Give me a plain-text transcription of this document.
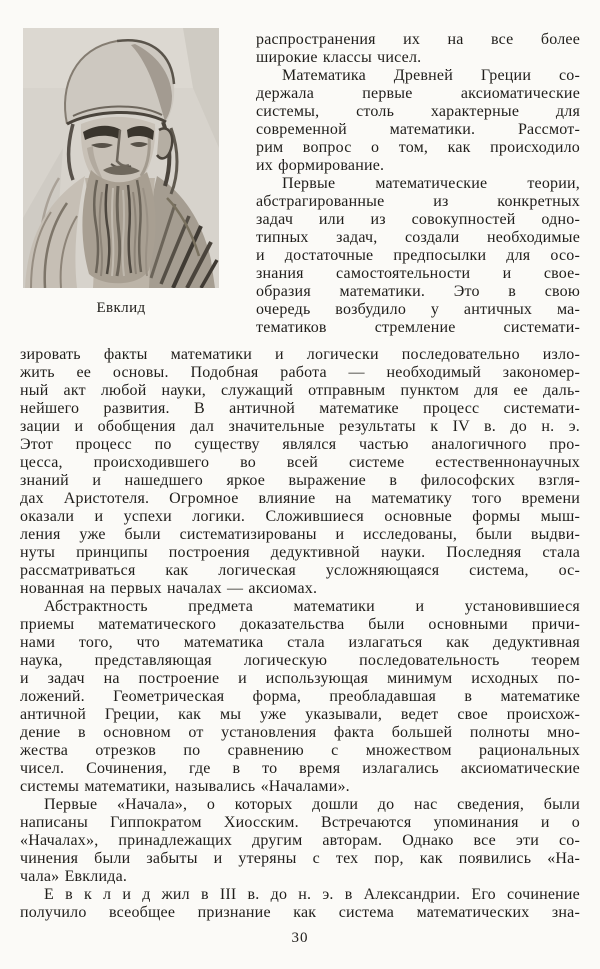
Евклид
распространения их на все более
широкие классы чисел.
Математика Древней Греции со-
держала первые аксиоматические
системы, столь характерные для
современной математики. Рассмот-
рим вопрос о том, как происходило
их формирование.
Первые математические теории,
абстрагированные из конкретных
задач или из совокупностей одно-
типных задач, создали необходимые
и достаточные предпосылки для осо-
знания самостоятельности и свое-
образия математики. Это в свою
очередь возбудило у античных ма-
тематиков стремление системати-
зировать факты математики и логически последовательно изло-
жить ее основы. Подобная работа — необходимый закономер-
ный акт любой науки, служащий отправным пунктом для ее даль-
нейшего развития. В античной математике процесс системати-
зации и обобщения дал значительные результаты к IV в. до н. э.
Этот процесс по существу являлся частью аналогичного про-
цесса, происходившего во всей системе естественнонаучных
знаний и нашедшего яркое выражение в философских взгля-
дах Аристотеля. Огромное влияние на математику того времени
оказали и успехи логики. Сложившиеся основные формы мыш-
ления уже были систематизированы и исследованы, были выдви-
нуты принципы построения дедуктивной науки. Последняя стала
рассматриваться как логическая усложняющаяся система, ос-
нованная на первых началах — аксиомах.
Абстрактность предмета математики и установившиеся
приемы математического доказательства были основными причи-
нами того, что математика стала излагаться как дедуктивная
наука, представляющая логическую последовательность теорем
и задач на построение и использующая минимум исходных по-
ложений. Геометрическая форма, преобладавшая в математике
античной Греции, как мы уже указывали, ведет свое происхож-
дение в основном от установления факта большей полноты мно-
жества отрезков по сравнению с множеством рациональных
чисел. Сочинения, где в то время излагались аксиоматические
системы математики, назывались «Началами».
Первые «Начала», о которых дошли до нас сведения, были
написаны Гиппократом Хиосским. Встречаются упоминания и о
«Началах», принадлежащих другим авторам. Однако все эти со-
чинения были забыты и утеряны с тех пор, как появились «На-
чала» Евклида.
Е в к л и д жил в III в. до н. э. в Александрии. Его сочинение
получило всеобщее признание как система математических зна-
30
